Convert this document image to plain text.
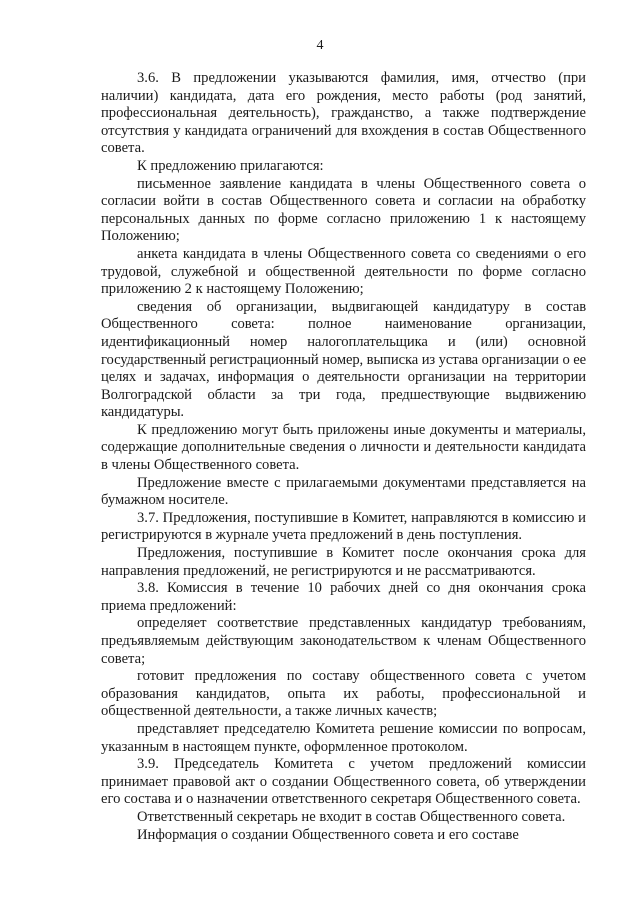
4

3.6. В предложении указываются фамилия, имя, отчество (при наличии) кандидата, дата его рождения, место работы (род занятий, профессиональная деятельность), гражданство, а также подтверждение отсутствия у кандидата ограничений для вхождения в состав Общественного совета.

К предложению прилагаются:

письменное заявление кандидата в члены Общественного совета о согласии войти в состав Общественного совета и согласии на обработку персональных данных по форме согласно приложению 1 к настоящему Положению;

анкета кандидата в члены Общественного совета со сведениями о его трудовой, служебной и общественной деятельности по форме согласно приложению 2 к настоящему Положению;

сведения об организации, выдвигающей кандидатуру в состав Общественного совета: полное наименование организации, идентификационный номер налогоплательщика и (или) основной государственный регистрационный номер, выписка из устава организации о ее целях и задачах, информация о деятельности организации на территории Волгоградской области за три года, предшествующие выдвижению кандидатуры.

К предложению могут быть приложены иные документы и материалы, содержащие дополнительные сведения о личности и деятельности кандидата в члены Общественного совета.

Предложение вместе с прилагаемыми документами представляется на бумажном носителе.

3.7. Предложения, поступившие в Комитет, направляются в комиссию и регистрируются в журнале учета предложений в день поступления.

Предложения, поступившие в Комитет после окончания срока для направления предложений, не регистрируются и не рассматриваются.

3.8. Комиссия в течение 10 рабочих дней со дня окончания срока приема предложений:

определяет соответствие представленных кандидатур требованиям, предъявляемым действующим законодательством к членам Общественного совета;

готовит предложения по составу общественного совета с учетом образования кандидатов, опыта их работы, профессиональной и общественной деятельности, а также личных качеств;

представляет председателю Комитета решение комиссии по вопросам, указанным в настоящем пункте, оформленное протоколом.

3.9. Председатель Комитета с учетом предложений комиссии принимает правовой акт о создании Общественного совета, об утверждении его состава и о назначении ответственного секретаря Общественного совета.

Ответственный секретарь не входит в состав Общественного совета.

Информация о создании Общественного совета и его составе
